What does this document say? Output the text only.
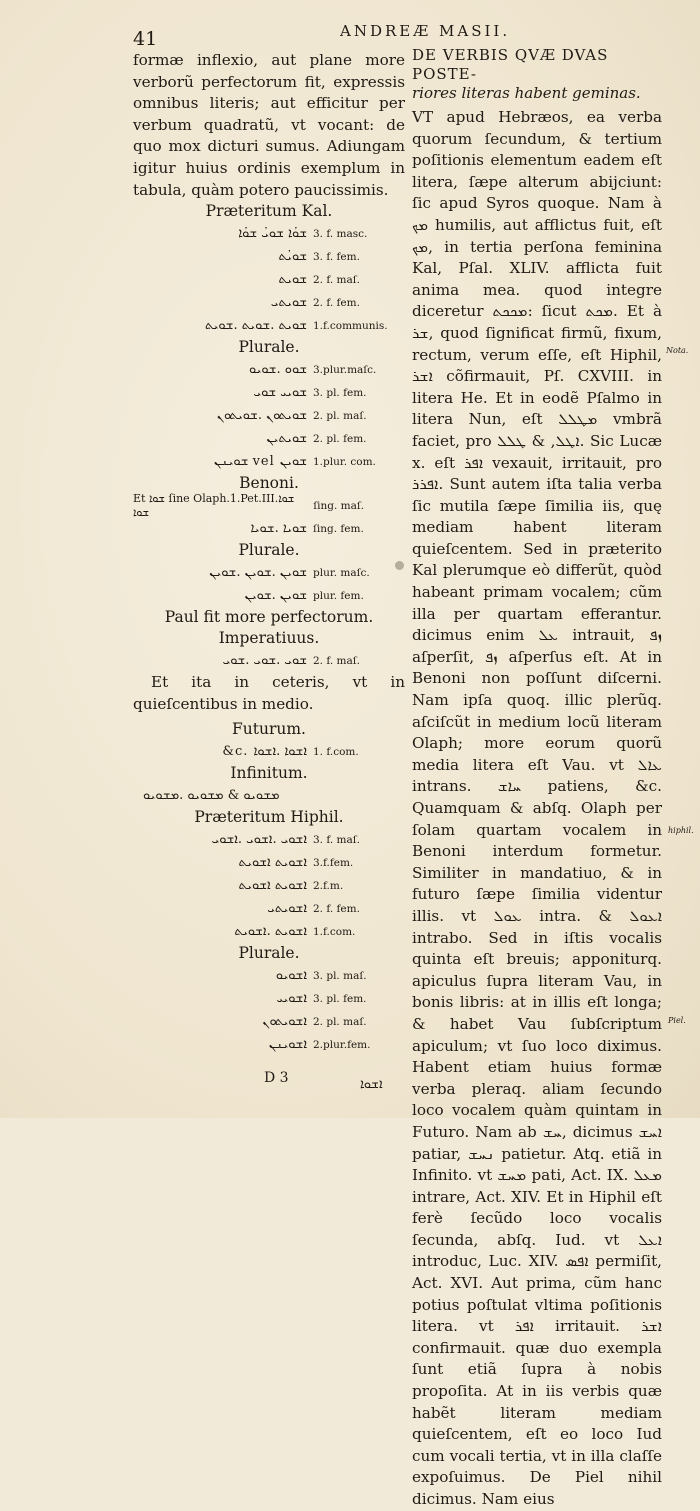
41	ANDREÆ MASII.

formæ inflexio, aut plane more verborũ perfectorum fit, expressis omnibus literis; aut efficitur per verbum quadratũ, vt vocant: de quo mox dicturi sumus. Adiungam igitur huius ordinis exemplum in tabula, quàm potero paucissimis.

Præteritum Kal.

ܫܘܳܐ ܫܘܝܳ ܫܘܳܐ 3. f. masc.
ܫܘܝܳܬ 3. f. fem.
ܫܘܝܬ 2. f. maſ.
ܫܘܝܬܝ 2. f. fem.
ܫܘܝܬ .ܫܘܝܬ .ܫܘܝܬ 1.f.communis.

Plurale.

ܫܘܘ .ܫܘܝܘ 3.plur.maſc.
ܫܘܝܝ ܫܘܝ 3. pl. fem.
ܫܘܝܬܘܢ .ܫܘܝܬܘܢ 2. pl. maſ.
ܫܘܝܬܝܢ 2. pl. fem.
ܫܘܝܢܢ vel ܫܘܝܢ 1.plur. com.

Benoni.

Et ܫܘܐ ſine Olaph.1.Pet.III.ܫܘܐ ܫܘܐ	ſing. maſ.
ܫܘܝܐ .ܫܘܝܐ ſing. fem.

Plurale.

ܫܘܝܢ .ܫܘܝܢ .ܫܘܝܢ plur. maſc.
ܫܘܝܢ .ܫܘܝܢ plur. fem.

Paul fit more perfectorum.

Imperatiuus.

ܫܘܝ .ܫܘܝ .ܫܘܝ 2. f. maſ.

Et ita in ceteris, vt in quieſcentibus in medio.

Futurum.

&c. ܐܫܘܐ .ܐܫܘܐ 1. f.com.

Infinitum.

ܡܫܘܝܘ & ܡܫܘܝܘ .ܡܫܘܝܘ

Præteritum Hiphil.

ܐܫܘܝ .ܐܫܘܝ .ܐܫܘܝ 3. f. maſ.
ܐܫܘܝܬ ܐܫܘܝܬ 3.f.fem.
ܐܫܘܝܬ ܐܫܘܝܬ 2.f.m.
ܐܫܘܝܬܝ 2. f. fem.
ܐܫܘܝܬ .ܐܫܘܝܬ 1.f.com.

Plurale.

ܐܫܘܝܘ 3. pl. maſ.
ܐܫܘܝܝ 3. pl. fem.
ܐܫܘܝܬܘܢ 2. pl. maſ.
ܐܫܘܝܢܢ 2.plur.fem.
D 3	ܐܫܘܐ

DE VERBIS QVÆ DVAS POSTE-
riores literas habent geminas.

VT apud Hebræos, ea verba quorum ſecundum, & tertium poſitionis elementum eadem eſt litera, ſæpe alterum abijciunt: ſic apud Syros quoque. Nam à ܡܟ humilis, aut afflictus fuit, eſt ܡܟ, in tertia perſona feminina Kal, Pſal. XLIV. afflicta fuit anima mea. quod integre diceretur ܡܟܟܬ: ſicut ܡܟܬ. Et à ܫܪ, quod ſignificat firmũ, fixum, rectum, verum eſſe, eſt Hiphil, ܐܫܪ cõfirmauit, Pſ. CXVIII. in litera He. Et in eodẽ Pſalmo in litera Nun, eſt ܡܛܠܠ vmbrã faciet, pro ܐܛܠ, & ܛܠܠ. Sic Lucæ x. eſt ܐܦܪ vexauit, irritauit, pro ܐܦܪܪ. Sunt autem iſta talia verba ſic mutila ſæpe ſimilia iis, quę mediam habent literam quieſcentem. Sed in præterito Kal plerumque eò differũt, quòd habeant primam vocalem; cũm illa per quartam efferantur. dicimus enim ܥܠ intrauit, ܙܦ aſperſit, ܙܦ aſperſus eſt. At in Benoni non poſſunt diſcerni. Nam ipſa quoq. illic plerũq. aſciſcũt in medium locũ literam Olaph; more eorum quorũ media litera eſt Vau. vt ܥܐܠ intrans. ܚܐܫ patiens, &c. Quamquam & abſq. Olaph per ſolam quartam vocalem in Benoni interdum formetur. Similiter in mandatiuo, & in futuro ſæpe ſimilia videntur illis. vt ܥܘܠ intra. & ܐܥܘܠ intrabo. Sed in iſtis vocalis quinta eſt breuis; apponiturq. apiculus ſupra literam Vau, in bonis libris: at in illis eſt longa; & habet Vau ſubſcriptum apiculum; vt ſuo loco diximus. Habent etiam huius formæ verba pleraq. aliam ſecundo loco vocalem quàm quintam in Futuro. Nam ab ܚܫ, dicimus ܐܚܫ patiar, ܢܚܫ patietur. Atq. etiã in Infinito. vt ܡܚܫ pati, Act. IX. ܡܥܠ intrare, Act. XIV. Et in Hiphil eſt ferè ſecũdo loco vocalis ſecunda, abſq. Iud. vt ܐܥܠ introduc, Luc. XIV. ܐܦܣ permiſit, Act. XVI. Aut prima, cũm hanc potius poſtulat vltima poſitionis litera. vt ܐܦܪ irritauit. ܐܫܪ confirmauit. quæ duo exempla ſunt etiã ſupra à nobis propoſita. At in iis verbis quæ habẽt literam mediam quieſcentem, eſt eo loco Iud cum vocali tertia, vt in illa claſſe expoſuimus. De Piel nihil dicimus. Nam eius

Nota.
hiphil.
Piel.
